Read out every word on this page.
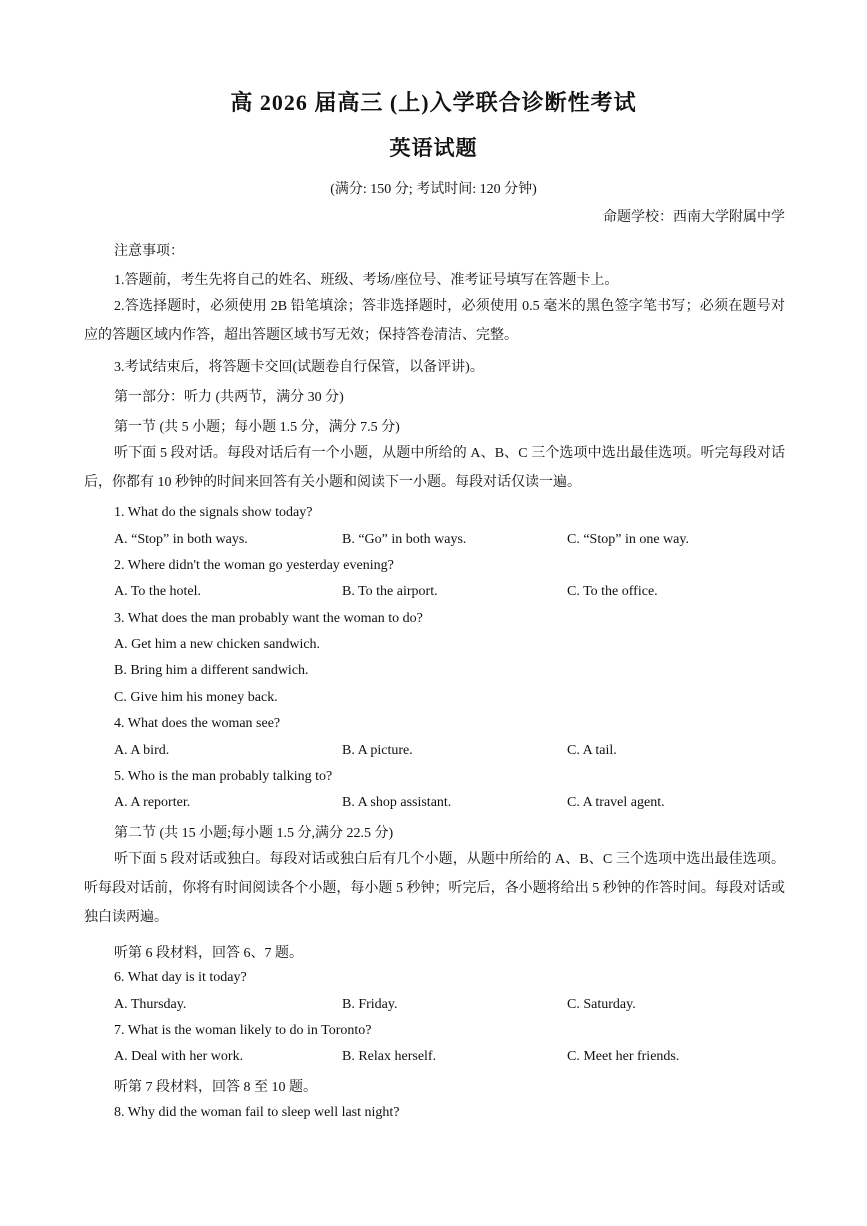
高 2026 届高三 (上)入学联合诊断性考试
英语试题
(满分: 150 分; 考试时间: 120 分钟)
命题学校：西南大学附属中学
注意事项：
1.答题前，考生先将自己的姓名、班级、考场/座位号、准考证号填写在答题卡上。
2.答选择题时，必须使用 2B 铅笔填涂；答非选择题时，必须使用 0.5 毫米的黑色签字笔书写；必须在题号对应的答题区域内作答，超出答题区域书写无效；保持答卷清洁、完整。
3.考试结束后，将答题卡交回(试题卷自行保管，以备评讲)。
第一部分：听力 (共两节，满分 30 分)
第一节 (共 5 小题；每小题 1.5 分，满分 7.5 分)
听下面 5 段对话。每段对话后有一个小题，从题中所给的 A、B、C 三个选项中选出最佳选项。听完每段对话后，你都有 10 秒钟的时间来回答有关小题和阅读下一小题。每段对话仅读一遍。
1. What do the signals show today?
A. “Stop” in both ways.	B. “Go” in both ways.	C. “Stop” in one way.
2. Where didn't the woman go yesterday evening?
A. To the hotel.	B. To the airport.	C. To the office.
3. What does the man probably want the woman to do?
A. Get him a new chicken sandwich.
B. Bring him a different sandwich.
C. Give him his money back.
4. What does the woman see?
A. A bird.	B. A picture.	C. A tail.
5. Who is the man probably talking to?
A. A reporter.	B. A shop assistant.	C. A travel agent.
第二节 (共 15 小题;每小题 1.5 分,满分 22.5 分)
听下面 5 段对话或独白。每段对话或独白后有几个小题，从题中所给的 A、B、C 三个选项中选出最佳选项。听每段对话前，你将有时间阅读各个小题，每小题 5 秒钟；听完后，各小题将给出 5 秒钟的作答时间。每段对话或独白读两遍。
听第 6 段材料，回答 6、7 题。
6. What day is it today?
A. Thursday.	B. Friday.	C. Saturday.
7. What is the woman likely to do in Toronto?
A. Deal with her work.	B. Relax herself.	C. Meet her friends.
听第 7 段材料，回答 8 至 10 题。
8. Why did the woman fail to sleep well last night?
